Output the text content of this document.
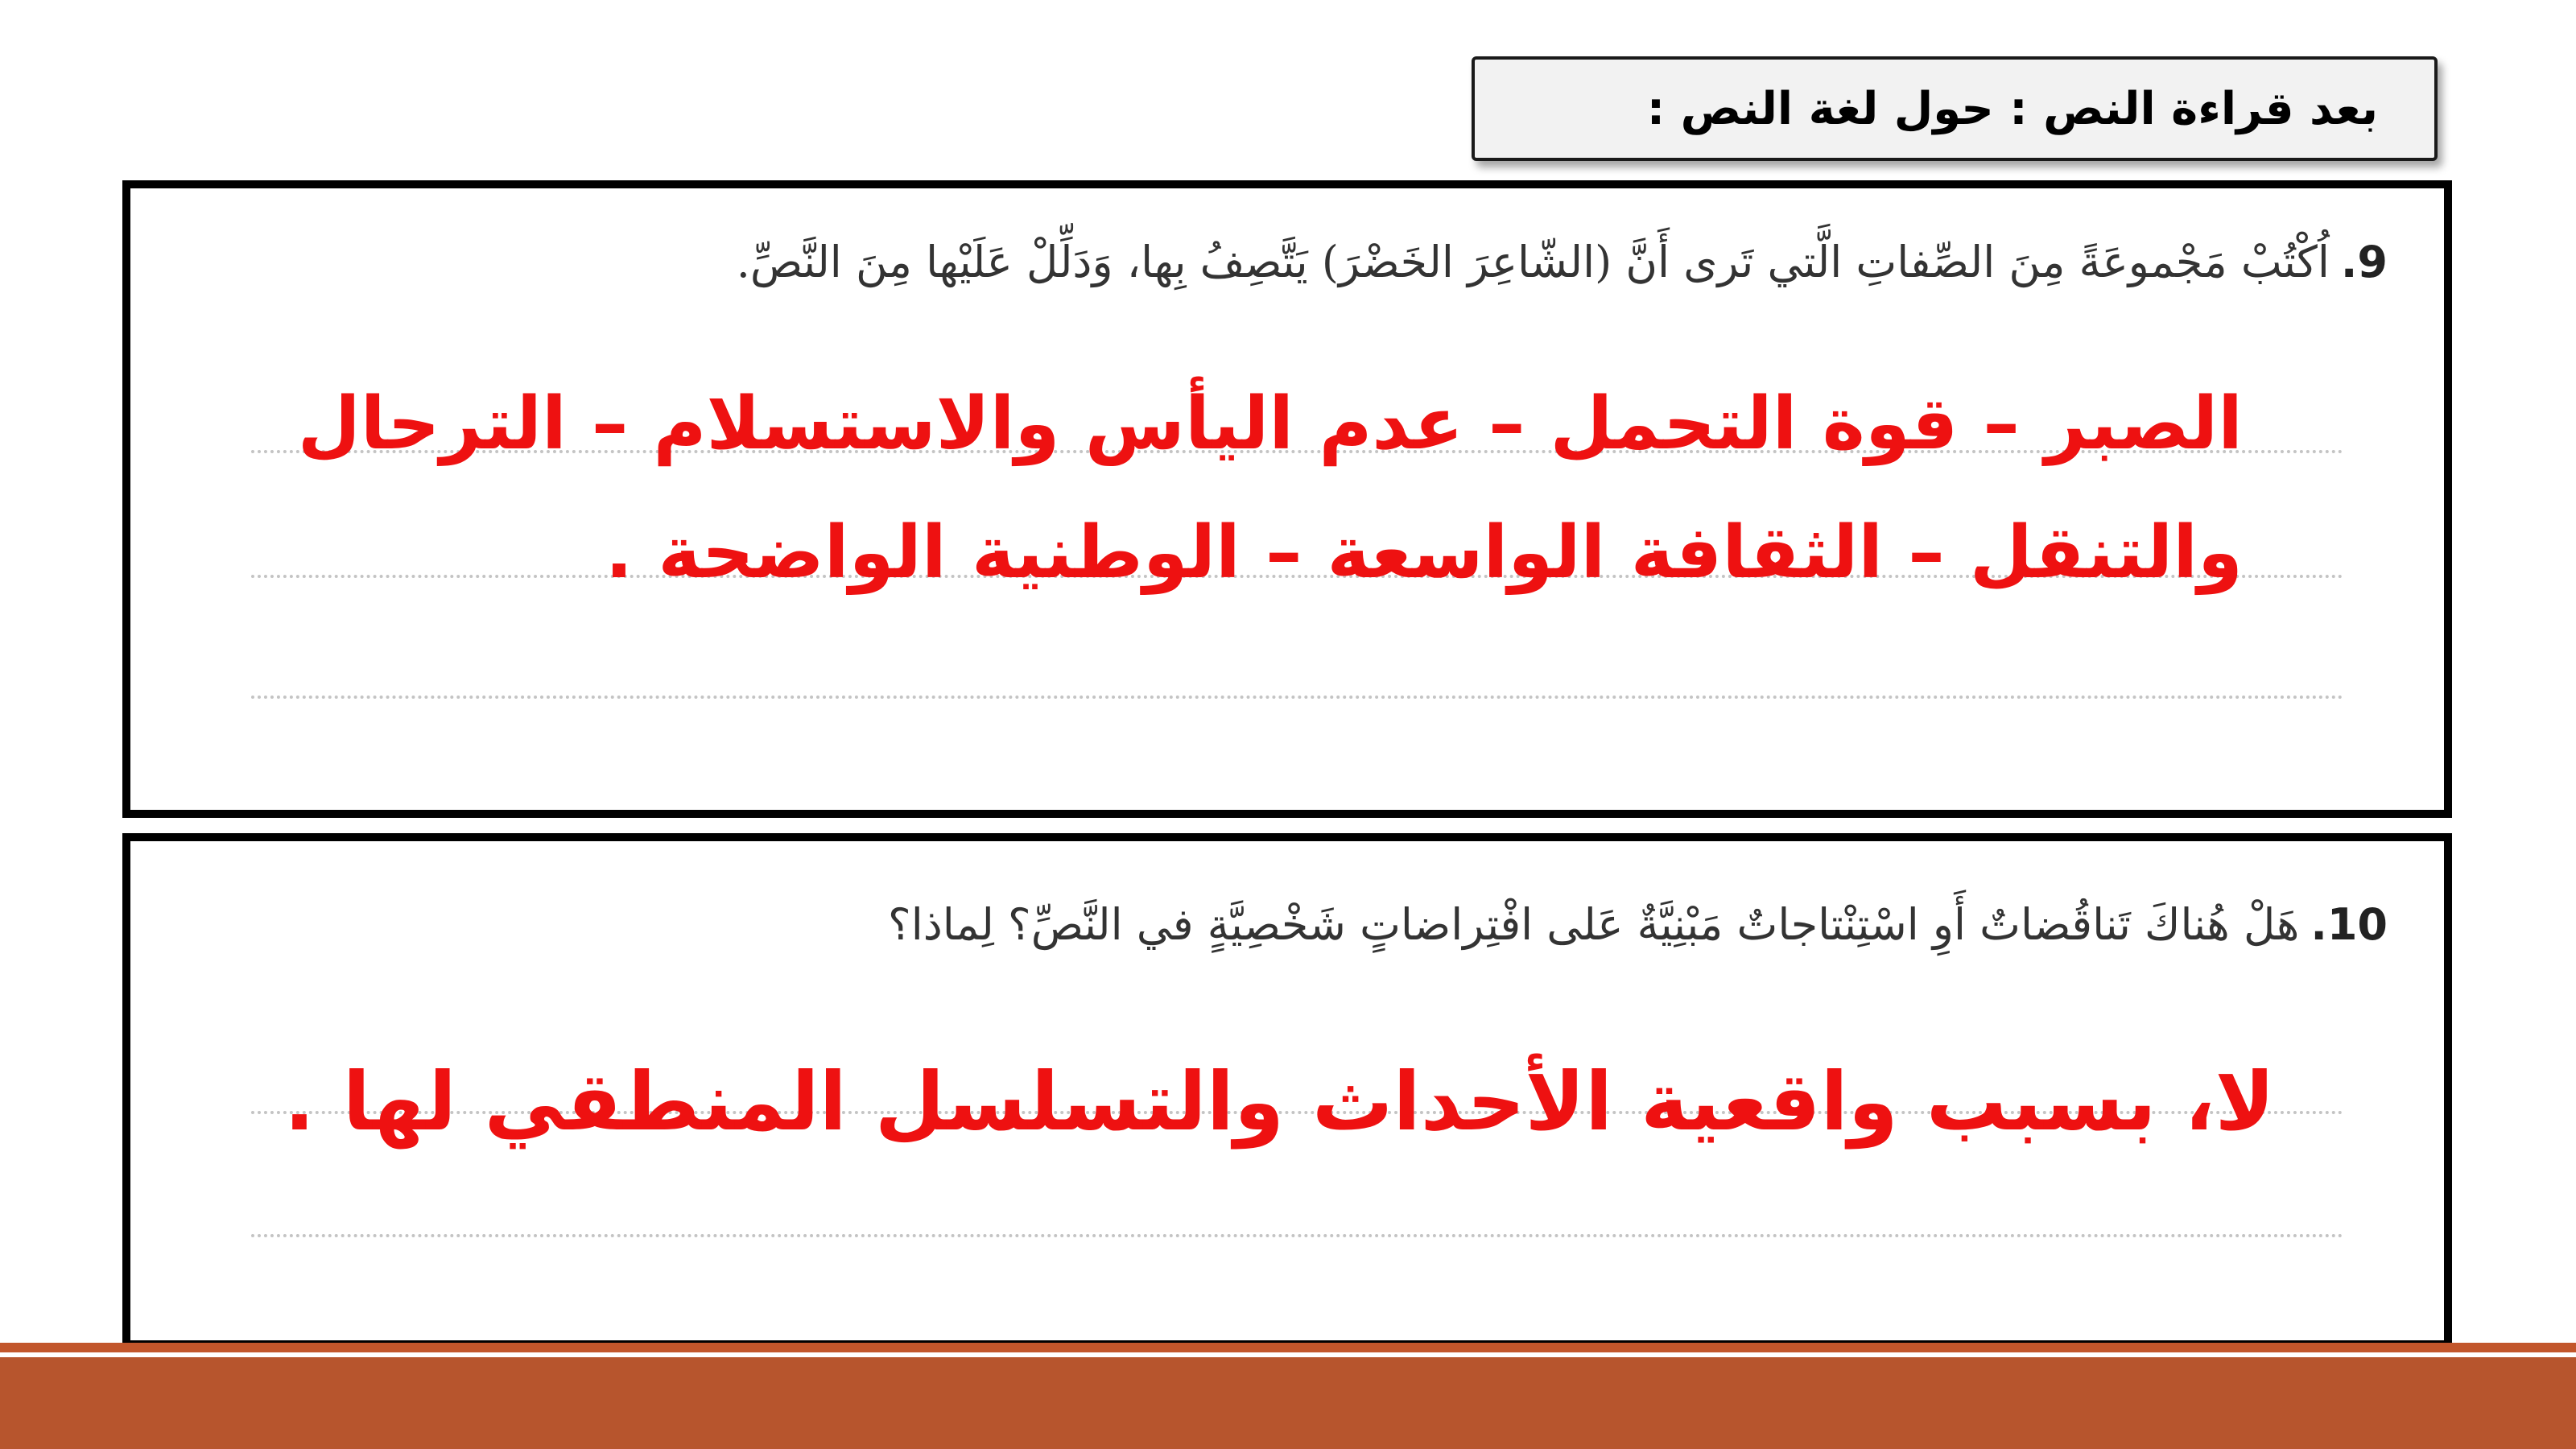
بعد قراءة النص : حول لغة النص :
9.اُكْتُبْ مَجْموعَةً مِنَ الصِّفاتِ الَّتي تَرى أَنَّ (الشّاعِرَ الخَضْرَ) يَتَّصِفُ بِها، وَدَلِّلْ عَلَيْها مِنَ النَّصِّ.
الصبر – قوة التحمل – عدم اليأس والاستسلام – الترحال
والتنقل – الثقافة الواسعة – الوطنية الواضحة .
10.هَلْ هُناكَ تَناقُضاتٌ أَوِ اسْتِنْتاجاتٌ مَبْنِيَّةٌ عَلى افْتِراضاتٍ شَخْصِيَّةٍ في النَّصِّ؟ لِماذا؟
لا، بسبب واقعية الأحداث والتسلسل المنطقي لها .
